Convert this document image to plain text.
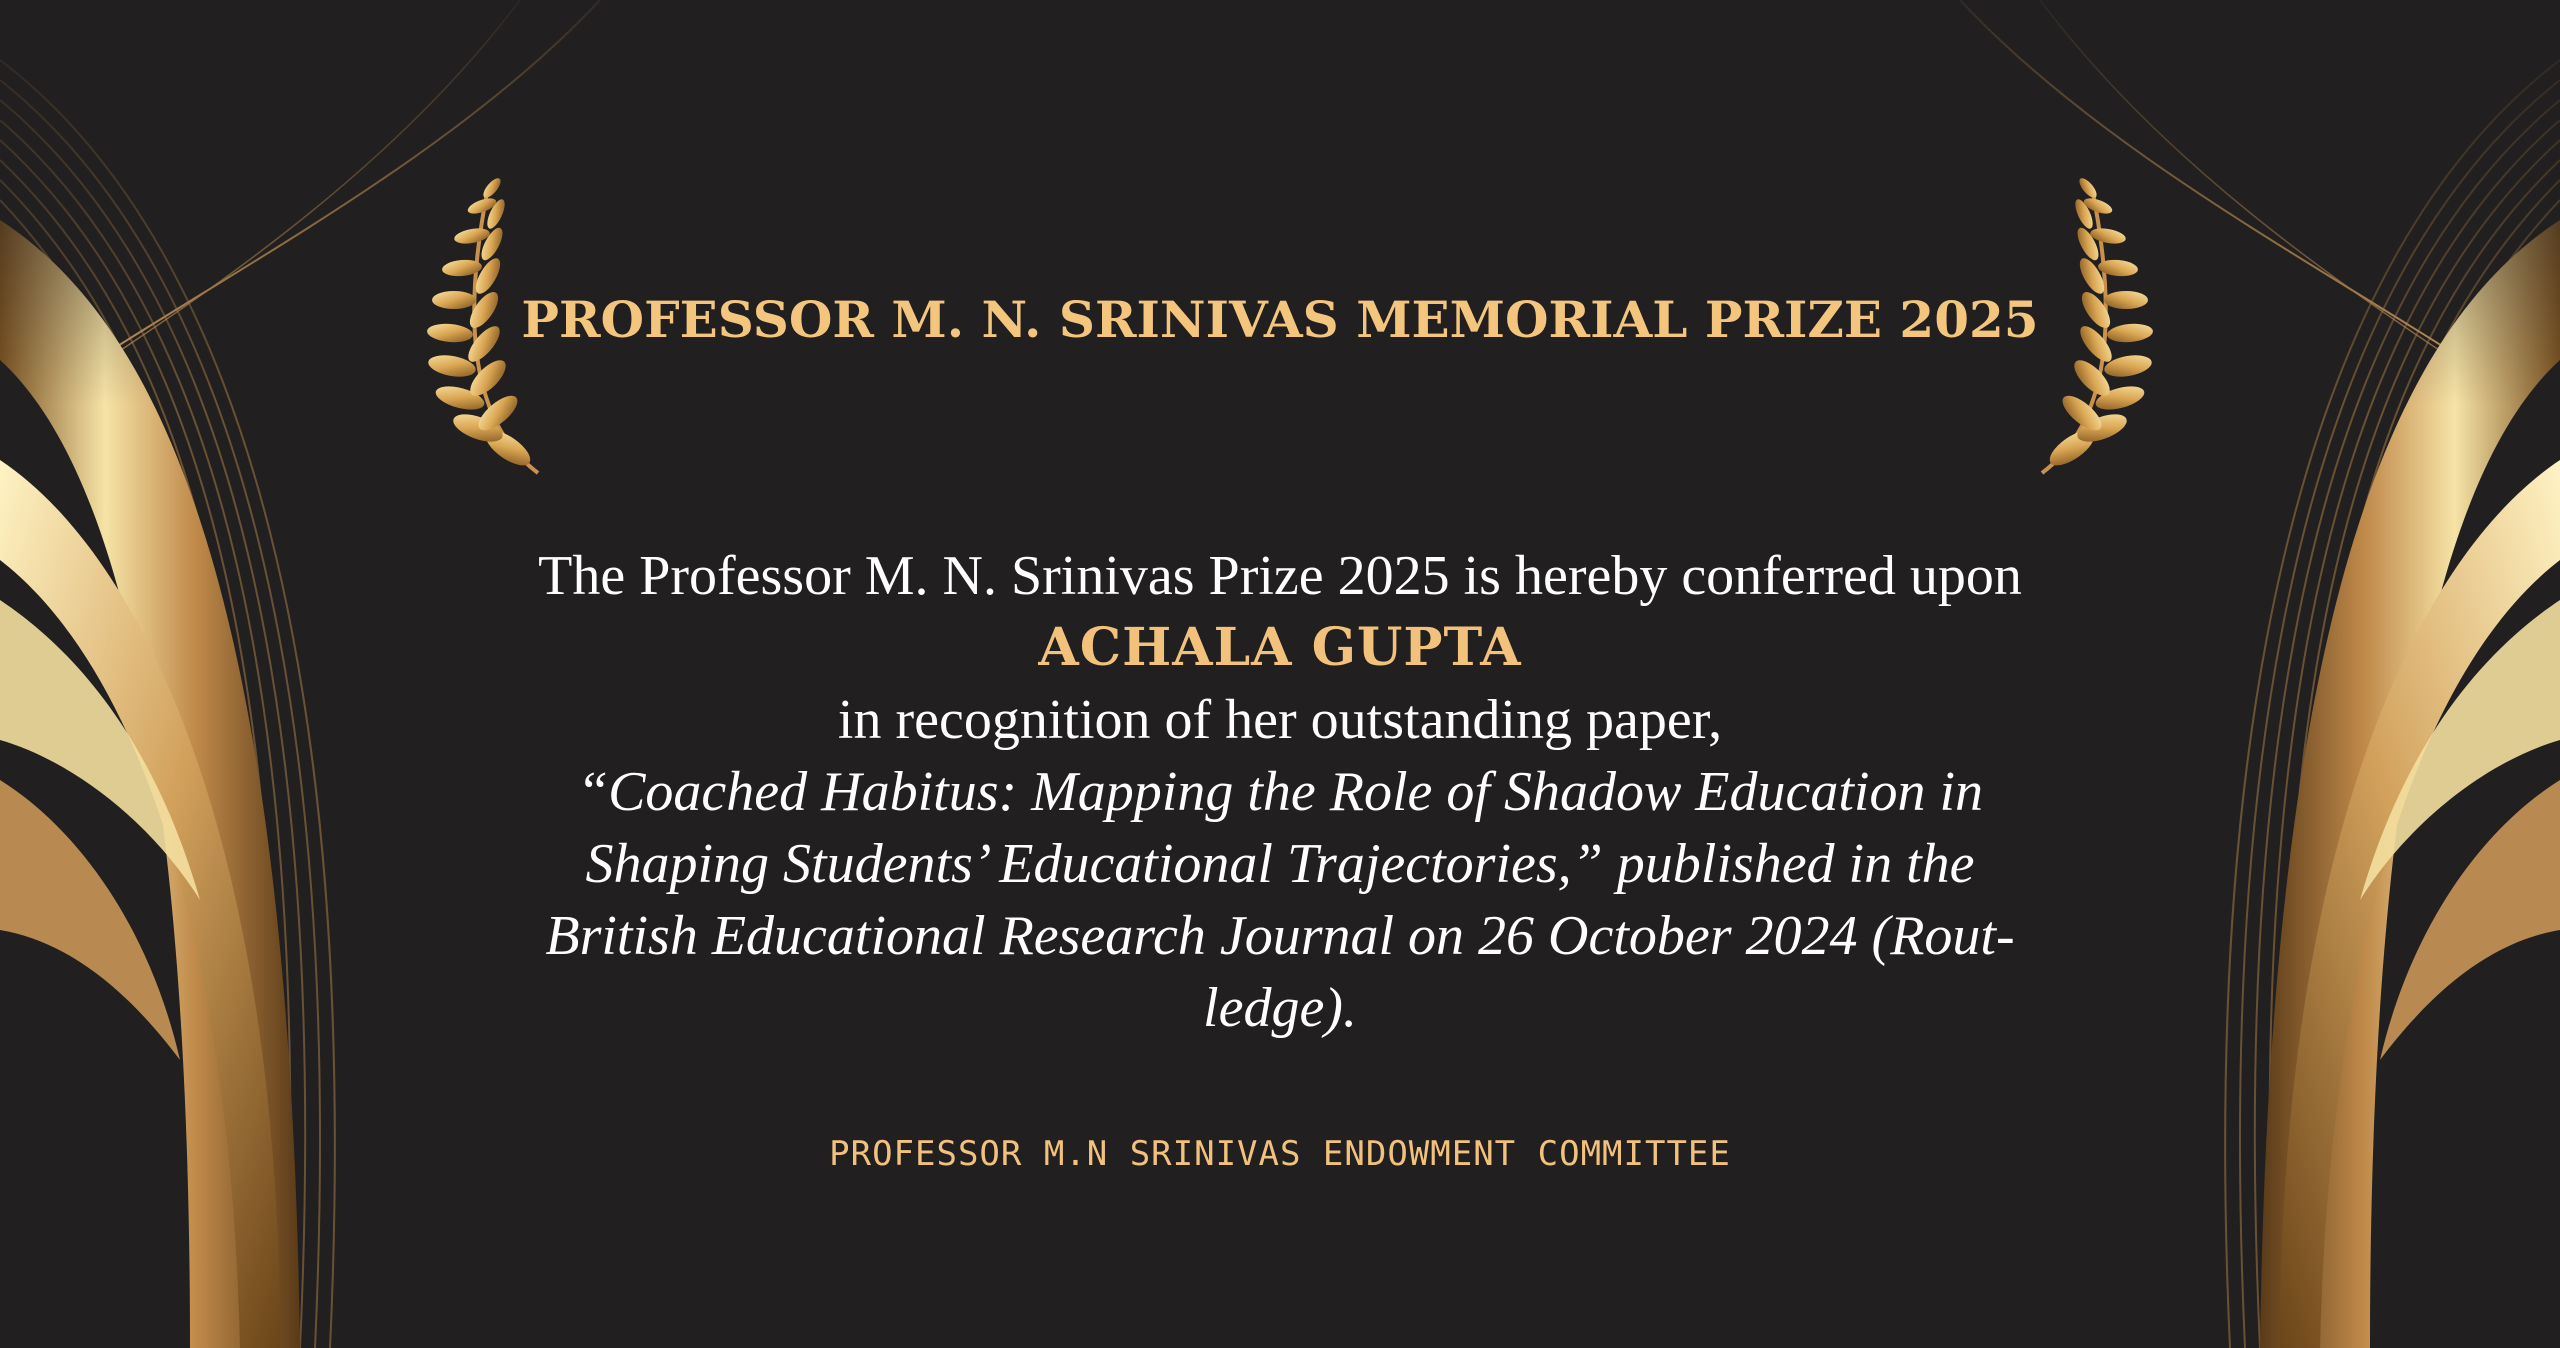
PROFESSOR M. N. SRINIVAS MEMORIAL PRIZE 2025
The Professor M. N. Srinivas Prize 2025 is hereby conferred upon
ACHALA GUPTA
in recognition of her outstanding paper,
“Coached Habitus: Mapping the Role of Shadow Education in
Shaping Students’ Educational Trajectories,” published in the
British Educational Research Journal on 26 October 2024 (Rout-
ledge).
PROFESSOR M.N SRINIVAS ENDOWMENT COMMITTEE
